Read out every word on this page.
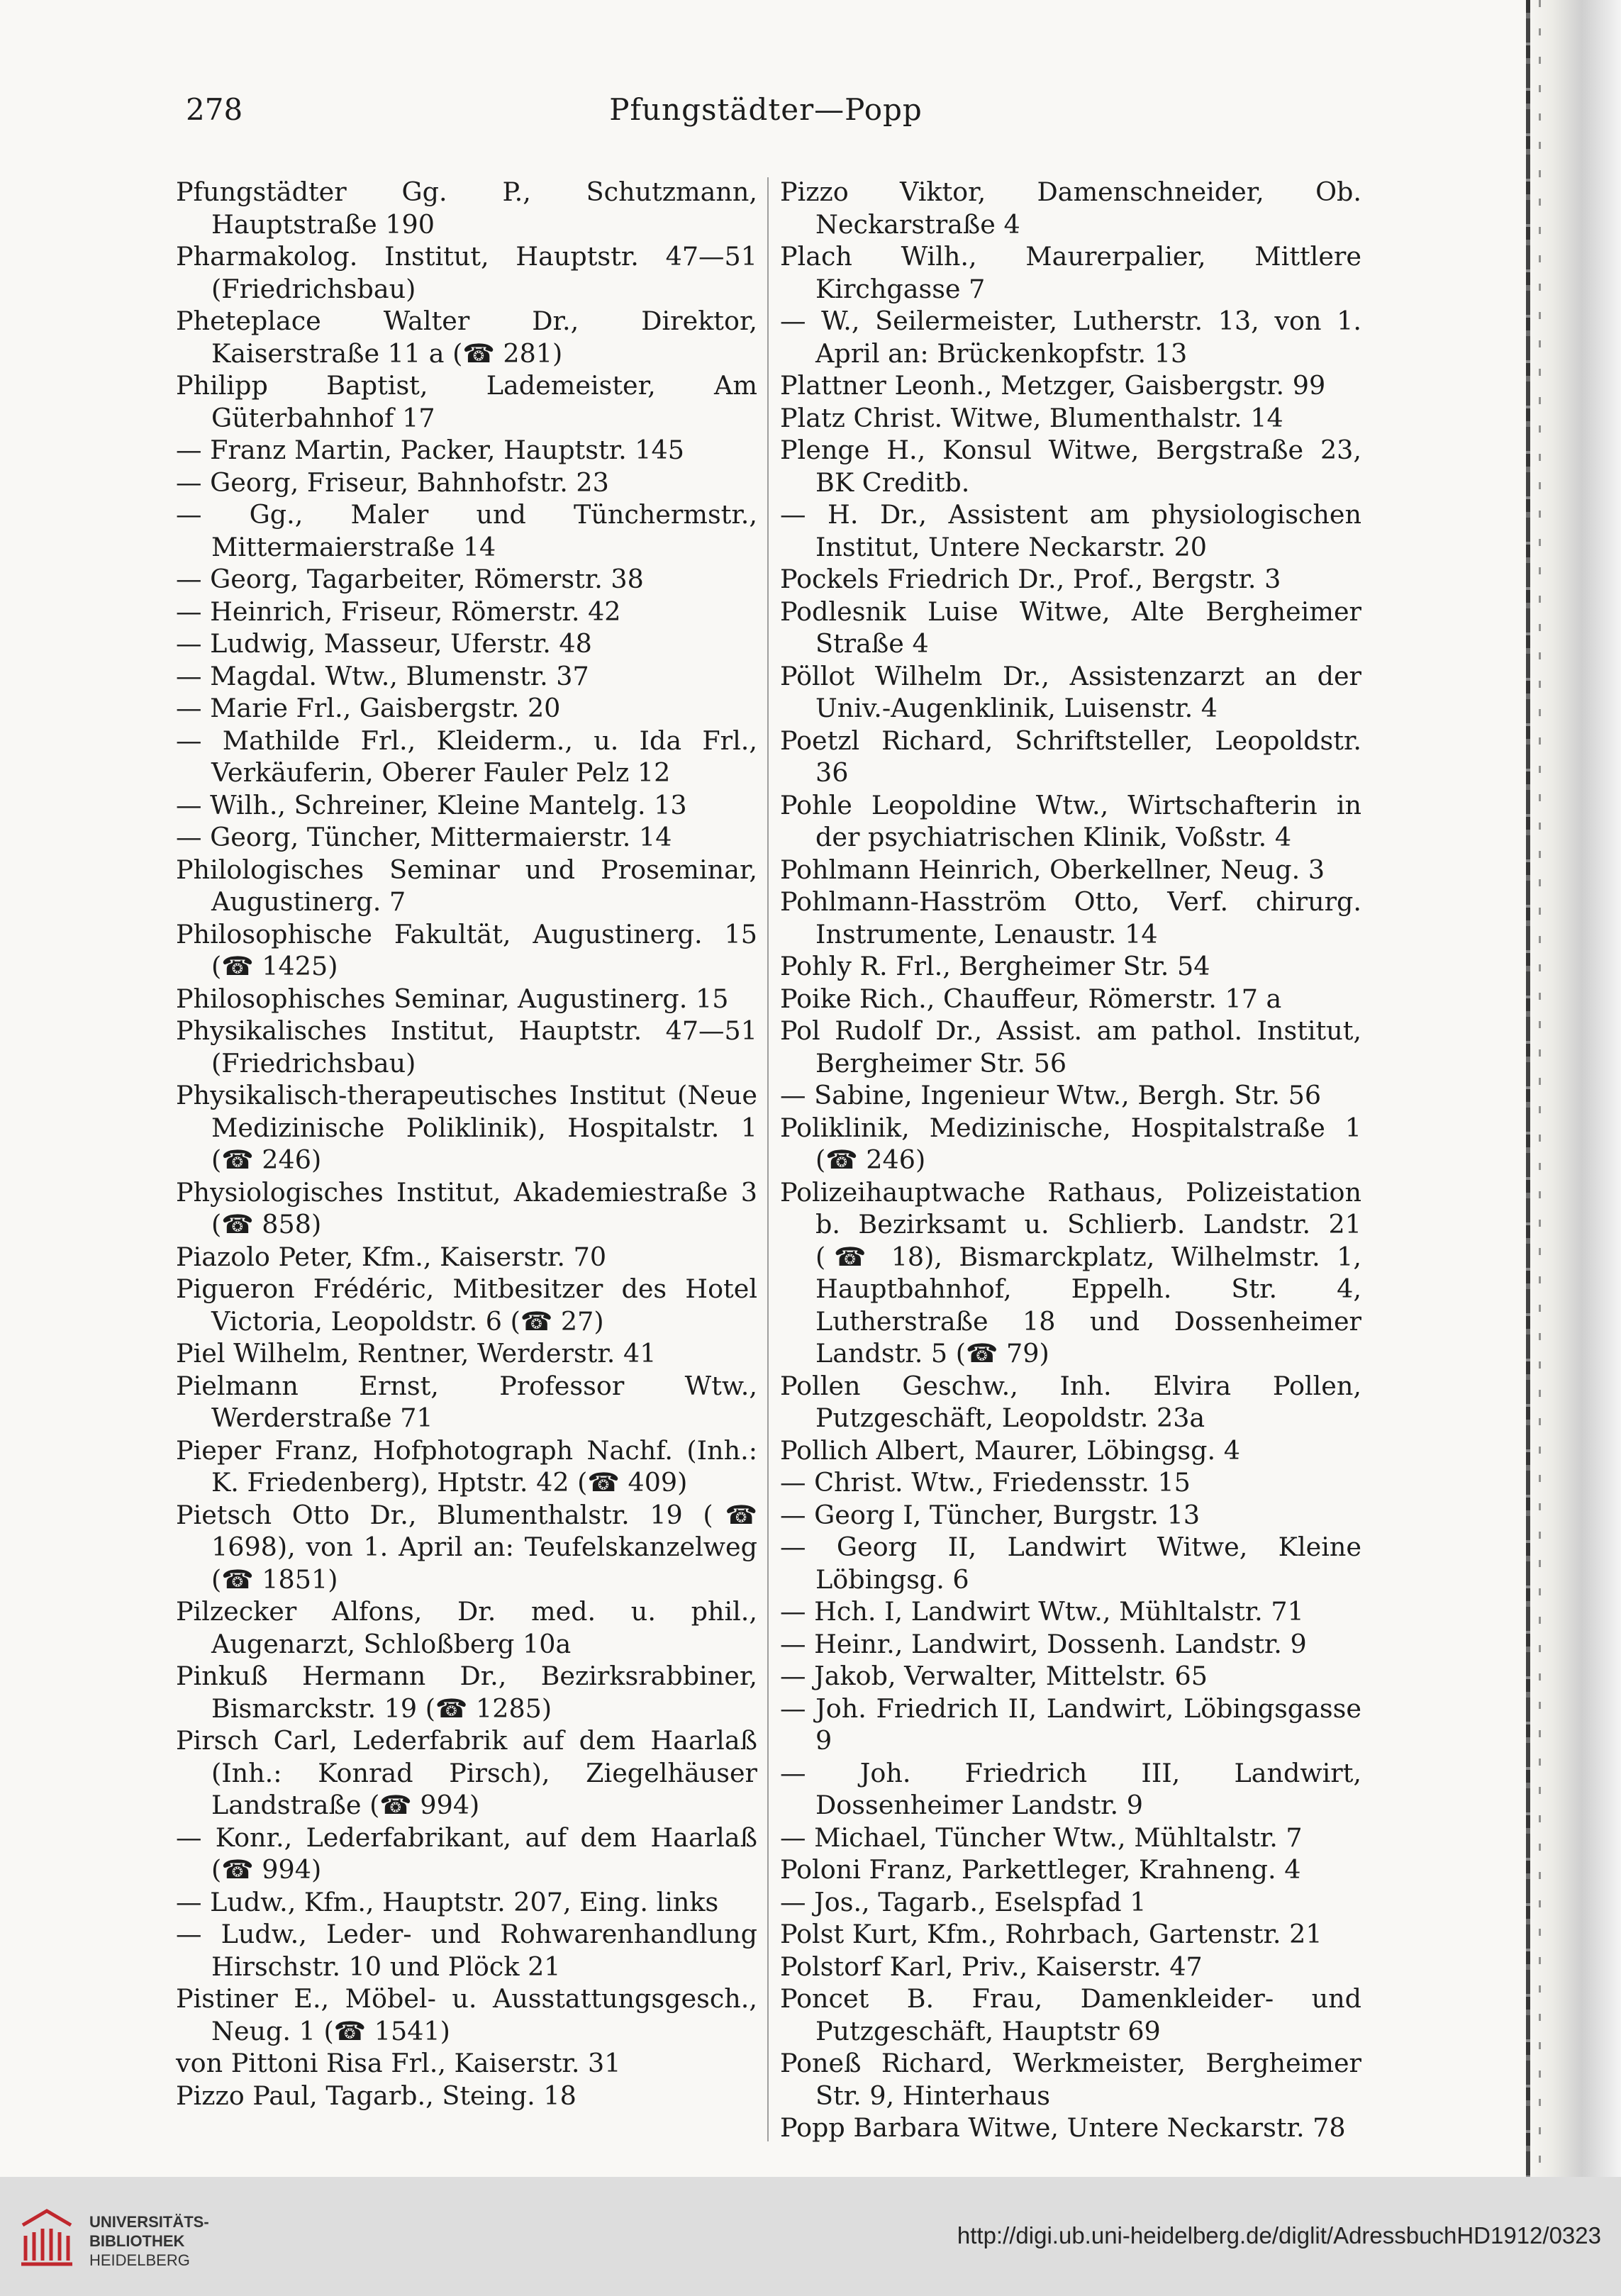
278	Pfungstädter—Popp

Pfungstädter Gg. P., Schutzmann, Hauptstraße 190

Pharmakolog. Institut, Hauptstr. 47—51 (Friedrichsbau)

Pheteplace Walter Dr., Direktor, Kaiserstraße 11 a (☎ 281)

Philipp Baptist, Lademeister, Am Güterbahnhof 17

— Franz Martin, Packer, Hauptstr. 145

— Georg, Friseur, Bahnhofstr. 23

— Gg., Maler und Tünchermstr., Mittermaierstraße 14

— Georg, Tagarbeiter, Römerstr. 38

— Heinrich, Friseur, Römerstr. 42

— Ludwig, Masseur, Uferstr. 48

— Magdal. Wtw., Blumenstr. 37

— Marie Frl., Gaisbergstr. 20

— Mathilde Frl., Kleiderm., u. Ida Frl., Verkäuferin, Oberer Fauler Pelz 12

— Wilh., Schreiner, Kleine Mantelg. 13

— Georg, Tüncher, Mittermaierstr. 14

Philologisches Seminar und Proseminar, Augustinerg. 7

Philosophische Fakultät, Augustinerg. 15 (☎ 1425)

Philosophisches Seminar, Augustinerg. 15

Physikalisches Institut, Hauptstr. 47—51 (Friedrichsbau)

Physikalisch-therapeutisches Institut (Neue Medizinische Poliklinik), Hospitalstr. 1 (☎ 246)

Physiologisches Institut, Akademiestraße 3 (☎ 858)

Piazolo Peter, Kfm., Kaiserstr. 70

Pigueron Frédéric, Mitbesitzer des Hotel Victoria, Leopoldstr. 6 (☎ 27)

Piel Wilhelm, Rentner, Werderstr. 41

Pielmann Ernst, Professor Wtw., Werderstraße 71

Pieper Franz, Hofphotograph Nachf. (Inh.: K. Friedenberg), Hptstr. 42 (☎ 409)

Pietsch Otto Dr., Blumenthalstr. 19 (☎ 1698), von 1. April an: Teufelskanzelweg (☎ 1851)

Pilzecker Alfons, Dr. med. u. phil., Augenarzt, Schloßberg 10a

Pinkuß Hermann Dr., Bezirksrabbiner, Bismarckstr. 19 (☎ 1285)

Pirsch Carl, Lederfabrik auf dem Haarlaß (Inh.: Konrad Pirsch), Ziegelhäuser Landstraße (☎ 994)

— Konr., Lederfabrikant, auf dem Haarlaß (☎ 994)

— Ludw., Kfm., Hauptstr. 207, Eing. links

— Ludw., Leder- und Rohwarenhandlung Hirschstr. 10 und Plöck 21

Pistiner E., Möbel- u. Ausstattungsgesch., Neug. 1 (☎ 1541)

von Pittoni Risa Frl., Kaiserstr. 31

Pizzo Paul, Tagarb., Steing. 18

Pizzo Viktor, Damenschneider, Ob. Neckarstraße 4

Plach Wilh., Maurerpalier, Mittlere Kirchgasse 7

— W., Seilermeister, Lutherstr. 13, von 1. April an: Brückenkopfstr. 13

Plattner Leonh., Metzger, Gaisbergstr. 99

Platz Christ. Witwe, Blumenthalstr. 14

Plenge H., Konsul Witwe, Bergstraße 23, BK Creditb.

— H. Dr., Assistent am physiologischen Institut, Untere Neckarstr. 20

Pockels Friedrich Dr., Prof., Bergstr. 3

Podlesnik Luise Witwe, Alte Bergheimer Straße 4

Pöllot Wilhelm Dr., Assistenzarzt an der Univ.-Augenklinik, Luisenstr. 4

Poetzl Richard, Schriftsteller, Leopoldstr. 36

Pohle Leopoldine Wtw., Wirtschafterin in der psychiatrischen Klinik, Voßstr. 4

Pohlmann Heinrich, Oberkellner, Neug. 3

Pohlmann-Hasström Otto, Verf. chirurg. Instrumente, Lenaustr. 14

Pohly R. Frl., Bergheimer Str. 54

Poike Rich., Chauffeur, Römerstr. 17 a

Pol Rudolf Dr., Assist. am pathol. Institut, Bergheimer Str. 56

— Sabine, Ingenieur Wtw., Bergh. Str. 56

Poliklinik, Medizinische, Hospitalstraße 1 (☎ 246)

Polizeihauptwache Rathaus, Polizeistation b. Bezirksamt u. Schlierb. Landstr. 21 (☎ 18), Bismarckplatz, Wilhelmstr. 1, Hauptbahnhof, Eppelh. Str. 4, Lutherstraße 18 und Dossenheimer Landstr. 5 (☎ 79)

Pollen Geschw., Inh. Elvira Pollen, Putzgeschäft, Leopoldstr. 23a

Pollich Albert, Maurer, Löbingsg. 4

— Christ. Wtw., Friedensstr. 15

— Georg I, Tüncher, Burgstr. 13

— Georg II, Landwirt Witwe, Kleine Löbingsg. 6

— Hch. I, Landwirt Wtw., Mühltalstr. 71

— Heinr., Landwirt, Dossenh. Landstr. 9

— Jakob, Verwalter, Mittelstr. 65

— Joh. Friedrich II, Landwirt, Löbingsgasse 9

— Joh. Friedrich III, Landwirt, Dossenheimer Landstr. 9

— Michael, Tüncher Wtw., Mühltalstr. 7

Poloni Franz, Parkettleger, Krahneng. 4

— Jos., Tagarb., Eselspfad 1

Polst Kurt, Kfm., Rohrbach, Gartenstr. 21

Polstorf Karl, Priv., Kaiserstr. 47

Poncet B. Frau, Damenkleider- und Putzgeschäft, Hauptstr 69

Poneß Richard, Werkmeister, Bergheimer Str. 9, Hinterhaus

Popp Barbara Witwe, Untere Neckarstr. 78

UNIVERSITÄTS-
BIBLIOTHEK
HEIDELBERG
http://digi.ub.uni-heidelberg.de/diglit/AdressbuchHD1912/0323
